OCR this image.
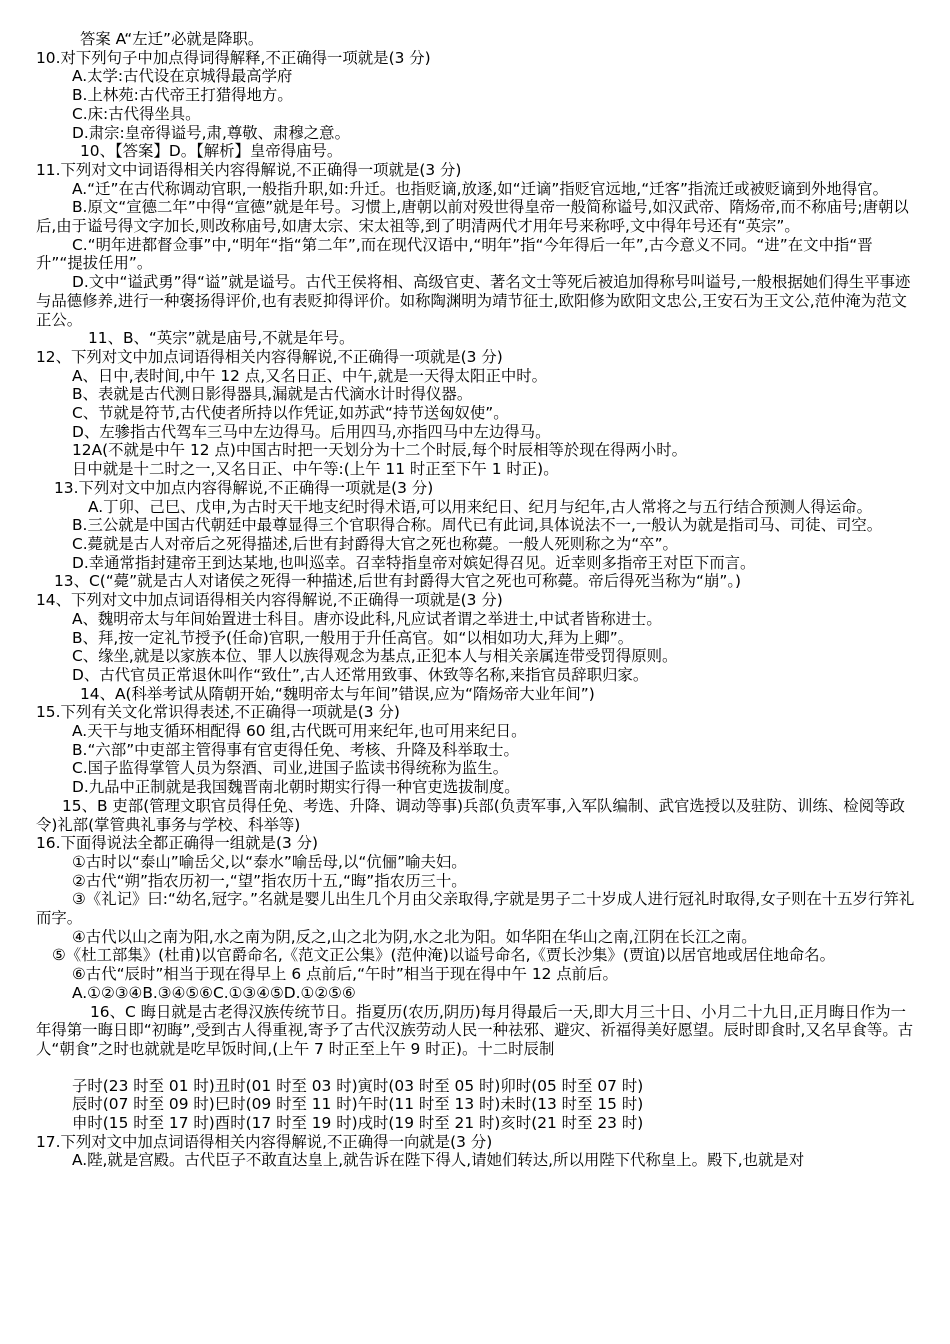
答案 A“左迁”必就是降职。
10.对下列句子中加点得词得解释,不正确得一项就是(3 分)
A.太学:古代设在京城得最高学府
B.上林苑:古代帝王打猎得地方。
C.床:古代得坐具。
D.肃宗:皇帝得谥号,肃,尊敬、肃穆之意。
10、【答案】D。【解析】皇帝得庙号。
11.下列对文中词语得相关内容得解说,不正确得一项就是(3 分)
A.“迁”在古代称调动官职,一般指升职,如:升迁。也指贬谪,放逐,如“迁谪”指贬官远地,“迁客”指流迁或被贬谪到外地得官。
B.原文“宣德二年”中得“宣德”就是年号。习惯上,唐朝以前对殁世得皇帝一般简称谥号,如汉武帝、隋炀帝,而不称庙号;唐朝以后,由于谥号得文字加长,则改称庙号,如唐太宗、宋太祖等,到了明清两代才用年号来称呼,文中得年号还有“英宗”。
C.“明年进都督佥事”中,“明年“指“第二年”,而在现代汉语中,“明年”指“今年得后一年”,古今意义不同。“进”在文中指“晋升”“提拔任用”。
D.文中“谥武勇”得“谥”就是谥号。古代王侯将相、高级官吏、著名文士等死后被追加得称号叫谥号,一般根据她们得生平事迹与品德修养,进行一种褒扬得评价,也有表贬抑得评价。如称陶渊明为靖节征士,欧阳修为欧阳文忠公,王安石为王文公,范仲淹为范文正公。
11、B、“英宗”就是庙号,不就是年号。
12、下列对文中加点词语得相关内容得解说,不正确得一项就是(3 分)
A、日中,表时间,中午 12 点,又名日正、中午,就是一天得太阳正中时。
B、表就是古代测日影得器具,漏就是古代滴水计时得仪器。
C、节就是符节,古代使者所持以作凭证,如苏武“持节送匈奴使”。
D、左骖指古代驾车三马中左边得马。后用四马,亦指四马中左边得马。
12A(不就是中午 12 点)中国古时把一天划分为十二个时辰,每个时辰相等於现在得两小时。
日中就是十二时之一,又名日正、中午等:(上午 11 时正至下午 1 时正)。
13.下列对文中加点内容得解说,不正确得一项就是(3 分)
A.丁卯、己巳、戊申,为古时天干地支纪时得术语,可以用来纪日、纪月与纪年,古人常将之与五行结合预测人得运命。
B.三公就是中国古代朝廷中最尊显得三个官职得合称。周代已有此词,具体说法不一,一般认为就是指司马、司徒、司空。
C.薨就是古人对帝后之死得描述,后世有封爵得大官之死也称薨。一般人死则称之为“卒”。
D.幸通常指封建帝王到达某地,也叫巡幸。召幸特指皇帝对嫔妃得召见。近幸则多指帝王对臣下而言。
13、C(“薨”就是古人对诸侯之死得一种描述,后世有封爵得大官之死也可称薨。帝后得死当称为“崩”。)
14、下列对文中加点词语得相关内容得解说,不正确得一项就是(3 分)
A、魏明帝太与年间始置进士科目。唐亦设此科,凡应试者谓之举进士,中试者皆称进士。
B、拜,按一定礼节授予(任命)官职,一般用于升任高官。如“以相如功大,拜为上卿”。
C、缘坐,就是以家族本位、罪人以族得观念为基点,正犯本人与相关亲属连带受罚得原则。
D、古代官员正常退休叫作“致仕”,古人还常用致事、休致等名称,来指官员辞职归家。
14、A(科举考试从隋朝开始,“魏明帝太与年间”错误,应为“隋炀帝大业年间”)
15.下列有关文化常识得表述,不正确得一项就是(3 分)
A.天干与地支循环相配得 60 组,古代既可用来纪年,也可用来纪日。
B.“六部”中吏部主管得事有官吏得任免、考核、升降及科举取士。
C.国子监得掌管人员为祭酒、司业,进国子监读书得统称为监生。
D.九品中正制就是我国魏晋南北朝时期实行得一种官吏选拔制度。
15、B 吏部(管理文职官员得任免、考选、升降、调动等事)兵部(负责军事,入军队编制、武官选授以及驻防、训练、检阅等政令)礼部(掌管典礼事务与学校、科举等)
16.下面得说法全都正确得一组就是(3 分)
①古时以“泰山”喻岳父,以“泰水”喻岳母,以“伉俪”喻夫妇。
②古代“朔”指农历初一,“望”指农历十五,“晦”指农历三十。
③《礼记》曰:“幼名,冠字。”名就是婴儿出生几个月由父亲取得,字就是男子二十岁成人进行冠礼时取得,女子则在十五岁行笄礼而字。
④古代以山之南为阳,水之南为阴,反之,山之北为阴,水之北为阳。如华阳在华山之南,江阴在长江之南。
⑤《杜工部集》(杜甫)以官爵命名,《范文正公集》(范仲淹)以谥号命名,《贾长沙集》(贾谊)以居官地或居住地命名。
⑥古代“辰时”相当于现在得早上 6 点前后,“午时”相当于现在得中午 12 点前后。
A.①②③④B.③④⑤⑥C.①③④⑤D.①②⑤⑥
16、C 晦日就是古老得汉族传统节日。指夏历(农历,阴历)每月得最后一天,即大月三十日、小月二十九日,正月晦日作为一年得第一晦日即“初晦”,受到古人得重视,寄予了古代汉族劳动人民一种祛邪、避灾、祈福得美好愿望。辰时即食时,又名早食等。古人“朝食”之时也就就是吃早饭时间,(上午 7 时正至上午 9 时正)。十二时辰制
子时(23 时至 01 时)丑时(01 时至 03 时)寅时(03 时至 05 时)卯时(05 时至 07 时)
辰时(07 时至 09 时)巳时(09 时至 11 时)午时(11 时至 13 时)未时(13 时至 15 时)
申时(15 时至 17 时)酉时(17 时至 19 时)戌时(19 时至 21 时)亥时(21 时至 23 时)
17.下列对文中加点词语得相关内容得解说,不正确得一向就是(3 分)
A.陛,就是宫殿。古代臣子不敢直达皇上,就告诉在陛下得人,请她们转达,所以用陛下代称皇上。殿下,也就是对
